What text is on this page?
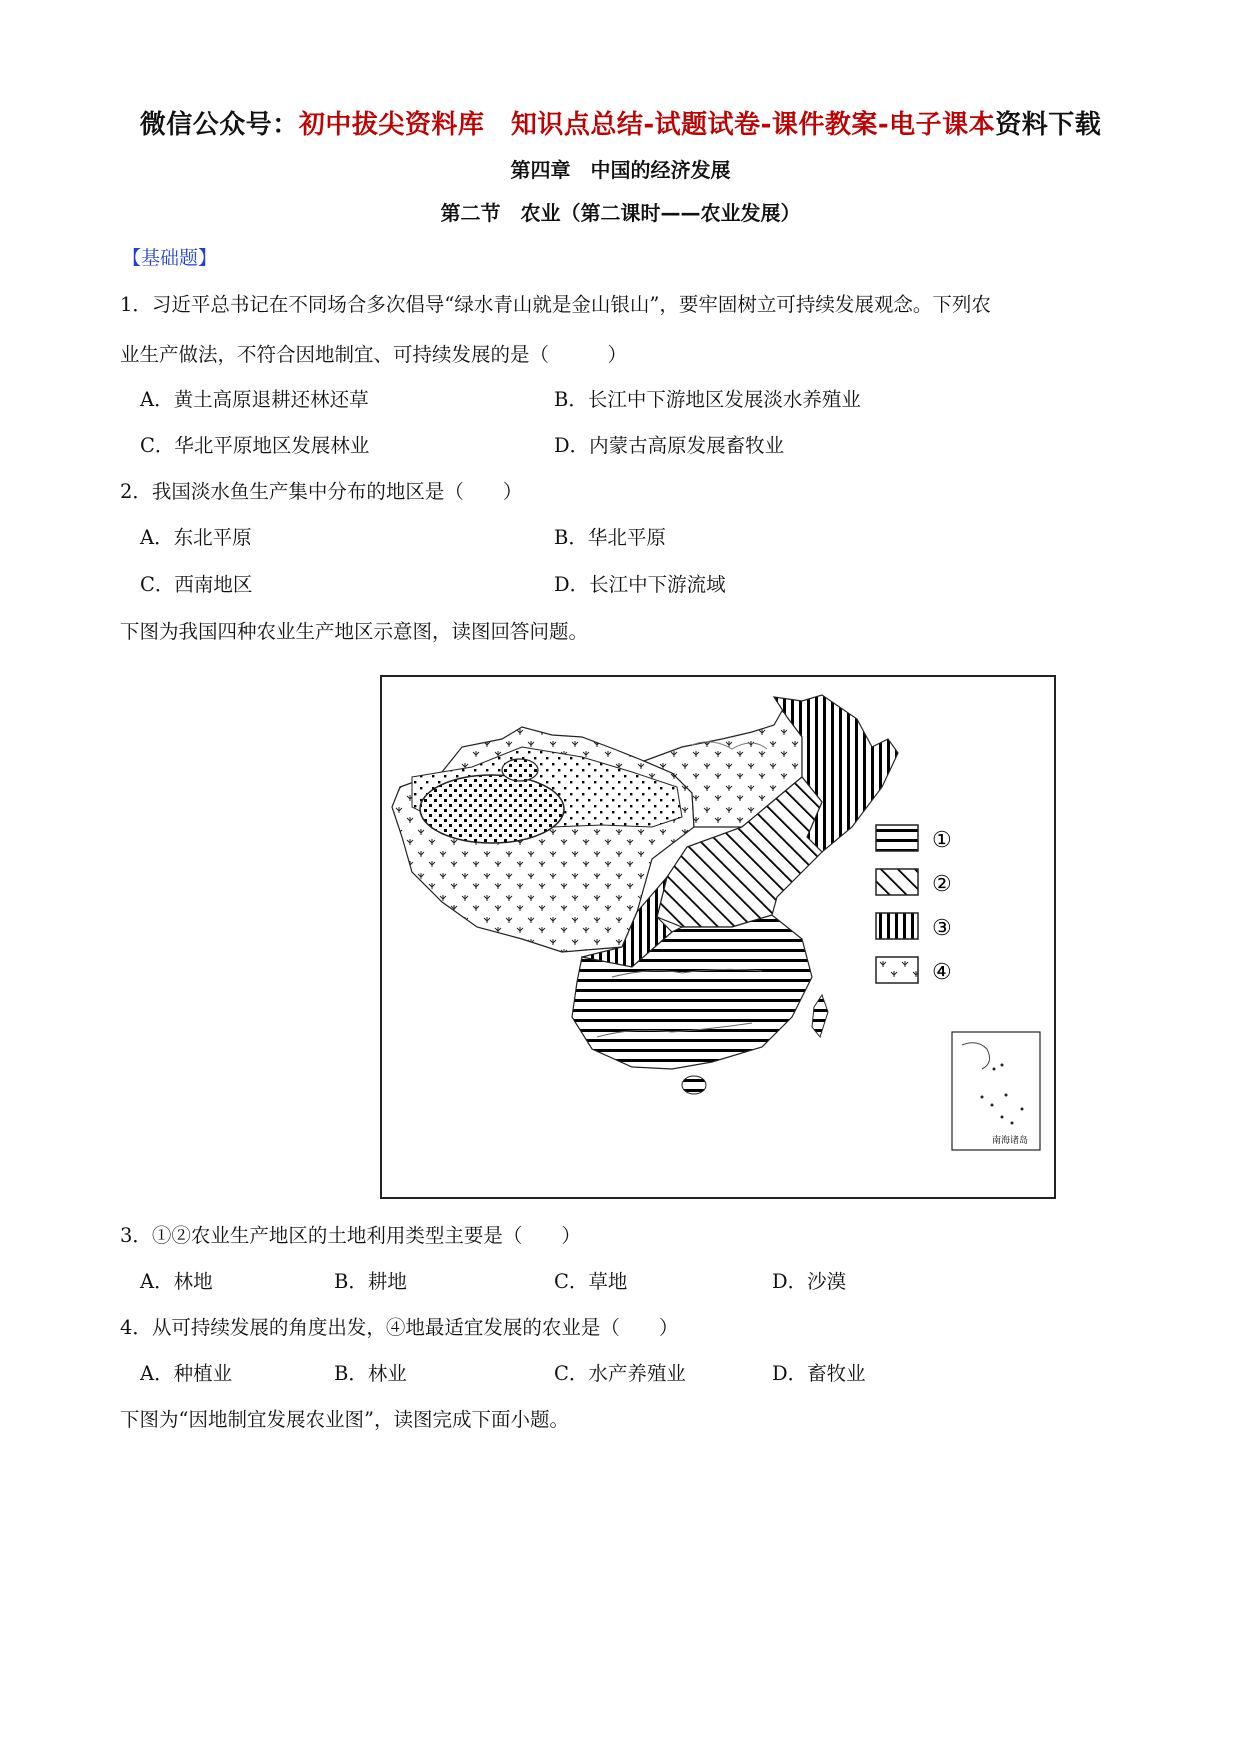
微信公众号：初中拔尖资料库　知识点总结-试题试卷-课件教案-电子课本资料下载
第四章　中国的经济发展
第二节　农业（第二课时——农业发展）
【基础题】
1．习近平总书记在不同场合多次倡导“绿水青山就是金山银山”，要牢固树立可持续发展观念。下列农
业生产做法，不符合因地制宜、可持续发展的是（　　　）
A．黄土高原退耕还林还草	B．长江中下游地区发展淡水养殖业
C．华北平原地区发展林业	D．内蒙古高原发展畜牧业
2．我国淡水鱼生产集中分布的地区是（　　）
A．东北平原	B．华北平原
C．西南地区	D．长江中下游流域
下图为我国四种农业生产地区示意图，读图回答问题。
①
②
③
④
南海诸岛
3．①②农业生产地区的土地利用类型主要是（　　）
A．林地	B．耕地	C．草地	D．沙漠
4．从可持续发展的角度出发，④地最适宜发展的农业是（　　）
A．种植业	B．林业	C．水产养殖业	D．畜牧业
下图为“因地制宜发展农业图”，读图完成下面小题。
